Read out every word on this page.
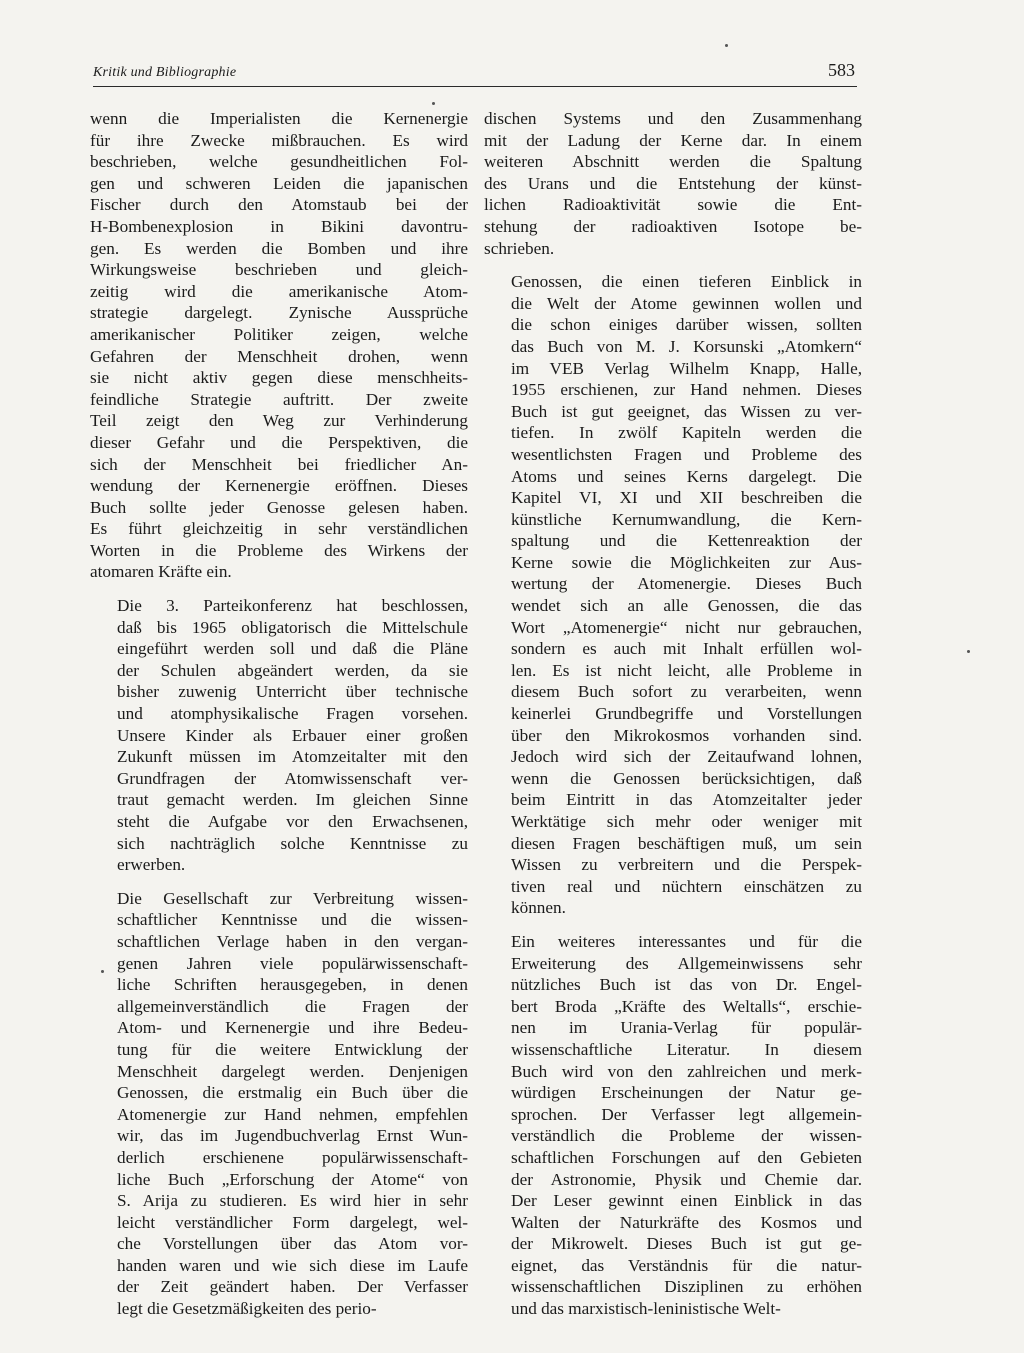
Kritik und Bibliographie	583
wenn die Imperialisten die Kernenergie
für ihre Zwecke mißbrauchen. Es wird
beschrieben, welche gesundheitlichen Fol-
gen und schweren Leiden die japanischen
Fischer durch den Atomstaub bei der
H-Bombenexplosion in Bikini davontru-
gen. Es werden die Bomben und ihre
Wirkungsweise beschrieben und gleich-
zeitig wird die amerikanische Atom-
strategie dargelegt. Zynische Aussprüche
amerikanischer Politiker zeigen, welche
Gefahren der Menschheit drohen, wenn
sie nicht aktiv gegen diese menschheits-
feindliche Strategie auftritt. Der zweite
Teil zeigt den Weg zur Verhinderung
dieser Gefahr und die Perspektiven, die
sich der Menschheit bei friedlicher An-
wendung der Kernenergie eröffnen. Dieses
Buch sollte jeder Genosse gelesen haben.
Es führt gleichzeitig in sehr verständlichen
Worten in die Probleme des Wirkens der
atomaren Kräfte ein.
Die 3. Parteikonferenz hat beschlossen,
daß bis 1965 obligatorisch die Mittelschule
eingeführt werden soll und daß die Pläne
der Schulen abgeändert werden, da sie
bisher zuwenig Unterricht über technische
und atomphysikalische Fragen vorsehen.
Unsere Kinder als Erbauer einer großen
Zukunft müssen im Atomzeitalter mit den
Grundfragen der Atomwissenschaft ver-
traut gemacht werden. Im gleichen Sinne
steht die Aufgabe vor den Erwachsenen,
sich nachträglich solche Kenntnisse zu
erwerben.
Die Gesellschaft zur Verbreitung wissen-
schaftlicher Kenntnisse und die wissen-
schaftlichen Verlage haben in den vergan-
genen Jahren viele populärwissenschaft-
liche Schriften herausgegeben, in denen
allgemeinverständlich die Fragen der
Atom- und Kernenergie und ihre Bedeu-
tung für die weitere Entwicklung der
Menschheit dargelegt werden. Denjenigen
Genossen, die erstmalig ein Buch über die
Atomenergie zur Hand nehmen, empfehlen
wir, das im Jugendbuchverlag Ernst Wun-
derlich erschienene populärwissenschaft-
liche Buch „Erforschung der Atome“ von
S. Arija zu studieren. Es wird hier in sehr
leicht verständlicher Form dargelegt, wel-
che Vorstellungen über das Atom vor-
handen waren und wie sich diese im Laufe
der Zeit geändert haben. Der Verfasser
legt die Gesetzmäßigkeiten des perio-
dischen Systems und den Zusammenhang
mit der Ladung der Kerne dar. In einem
weiteren Abschnitt werden die Spaltung
des Urans und die Entstehung der künst-
lichen Radioaktivität sowie die Ent-
stehung der radioaktiven Isotope be-
schrieben.
Genossen, die einen tieferen Einblick in
die Welt der Atome gewinnen wollen und
die schon einiges darüber wissen, sollten
das Buch von M. J. Korsunski „Atomkern“
im VEB Verlag Wilhelm Knapp, Halle,
1955 erschienen, zur Hand nehmen. Dieses
Buch ist gut geeignet, das Wissen zu ver-
tiefen. In zwölf Kapiteln werden die
wesentlichsten Fragen und Probleme des
Atoms und seines Kerns dargelegt. Die
Kapitel VI, XI und XII beschreiben die
künstliche Kernumwandlung, die Kern-
spaltung und die Kettenreaktion der
Kerne sowie die Möglichkeiten zur Aus-
wertung der Atomenergie. Dieses Buch
wendet sich an alle Genossen, die das
Wort „Atomenergie“ nicht nur gebrauchen,
sondern es auch mit Inhalt erfüllen wol-
len. Es ist nicht leicht, alle Probleme in
diesem Buch sofort zu verarbeiten, wenn
keinerlei Grundbegriffe und Vorstellungen
über den Mikrokosmos vorhanden sind.
Jedoch wird sich der Zeitaufwand lohnen,
wenn die Genossen berücksichtigen, daß
beim Eintritt in das Atomzeitalter jeder
Werktätige sich mehr oder weniger mit
diesen Fragen beschäftigen muß, um sein
Wissen zu verbreitern und die Perspek-
tiven real und nüchtern einschätzen zu
können.
Ein weiteres interessantes und für die
Erweiterung des Allgemeinwissens sehr
nützliches Buch ist das von Dr. Engel-
bert Broda „Kräfte des Weltalls“, erschie-
nen im Urania-Verlag für populär-
wissenschaftliche Literatur. In diesem
Buch wird von den zahlreichen und merk-
würdigen Erscheinungen der Natur ge-
sprochen. Der Verfasser legt allgemein-
verständlich die Probleme der wissen-
schaftlichen Forschungen auf den Gebieten
der Astronomie, Physik und Chemie dar.
Der Leser gewinnt einen Einblick in das
Walten der Naturkräfte des Kosmos und
der Mikrowelt. Dieses Buch ist gut ge-
eignet, das Verständnis für die natur-
wissenschaftlichen Disziplinen zu erhöhen
und das marxistisch-leninistische Welt-
